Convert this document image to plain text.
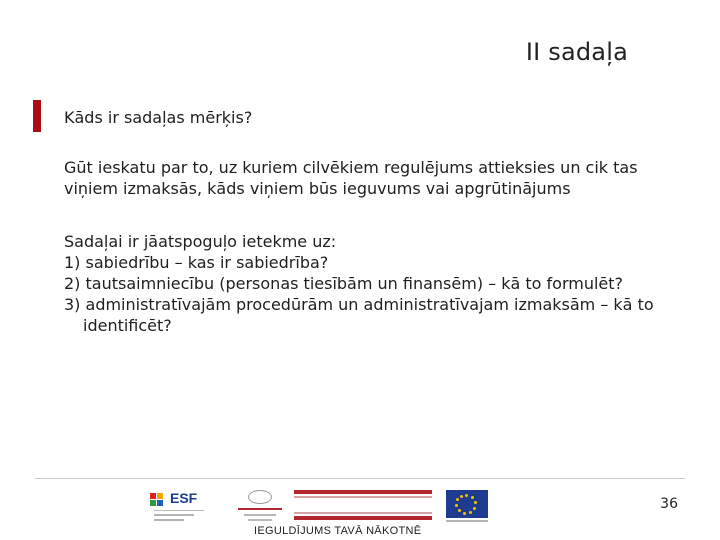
II sadaļa
Kāds ir sadaļas mērķis?
Gūt ieskatu par to, uz kuriem cilvēkiem regulējums attieksies un cik tas viņiem izmaksās, kāds viņiem būs ieguvums vai apgrūtinājums
Sadaļai ir jāatspoguļo ietekme uz:
1) sabiedrību – kas ir sabiedrība?
2) tautsaimniecību (personas tiesībām un finansēm) – kā to formulēt?
3) administratīvajām procedūrām un administratīvajam izmaksām – kā to
identificēt?
36
ESF
IEGULDĪJUMS TAVĀ NĀKOTNĒ
